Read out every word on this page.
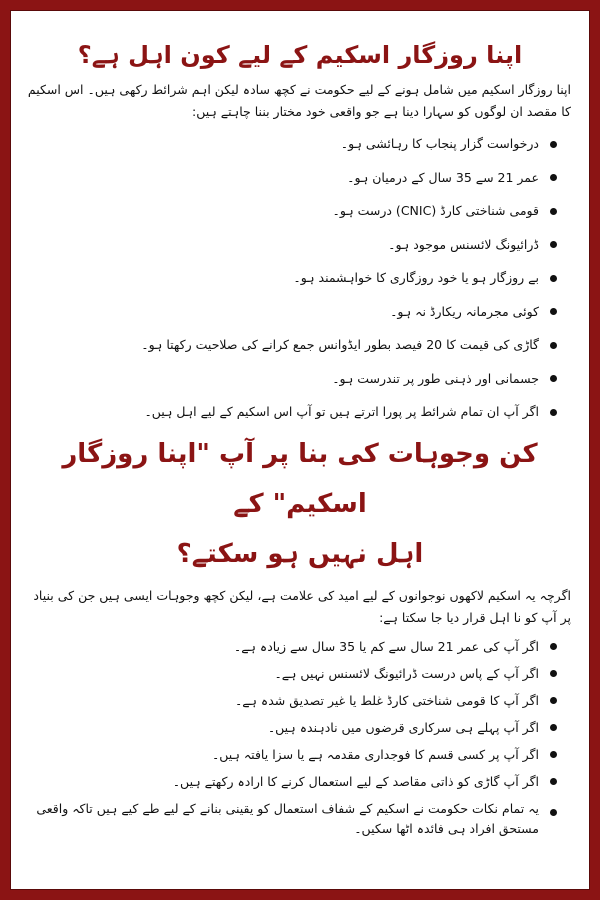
اپنا روزگار اسکیم کے لیے کون اہل ہے؟

اپنا روزگار اسکیم میں شامل ہونے کے لیے حکومت نے کچھ سادہ لیکن اہم شرائط رکھی ہیں۔ اس اسکیم کا مقصد ان لوگوں کو سہارا دینا ہے جو واقعی خود مختار بننا چاہتے ہیں:

درخواست گزار پنجاب کا رہائشی ہو۔
عمر 21 سے 35 سال کے درمیان ہو۔
قومی شناختی کارڈ (CNIC) درست ہو۔
ڈرائیونگ لائسنس موجود ہو۔
بے روزگار ہو یا خود روزگاری کا خواہشمند ہو۔
کوئی مجرمانہ ریکارڈ نہ ہو۔
گاڑی کی قیمت کا 20 فیصد بطور ایڈوانس جمع کرانے کی صلاحیت رکھتا ہو۔
جسمانی اور ذہنی طور پر تندرست ہو۔
اگر آپ ان تمام شرائط پر پورا اترتے ہیں تو آپ اس اسکیم کے لیے اہل ہیں۔
کن وجوہات کی بنا پر آپ "اپنا روزگار اسکیم" کے
اہل نہیں ہو سکتے؟

اگرچہ یہ اسکیم لاکھوں نوجوانوں کے لیے امید کی علامت ہے، لیکن کچھ وجوہات ایسی ہیں جن کی بنیاد پر آپ کو نا اہل قرار دیا جا سکتا ہے:

اگر آپ کی عمر 21 سال سے کم یا 35 سال سے زیادہ ہے۔
اگر آپ کے پاس درست ڈرائیونگ لائسنس نہیں ہے۔
اگر آپ کا قومی شناختی کارڈ غلط یا غیر تصدیق شدہ ہے۔
اگر آپ پہلے ہی سرکاری قرضوں میں نادہندہ ہیں۔
اگر آپ پر کسی قسم کا فوجداری مقدمہ ہے یا سزا یافتہ ہیں۔
اگر آپ گاڑی کو ذاتی مقاصد کے لیے استعمال کرنے کا ارادہ رکھتے ہیں۔
یہ تمام نکات حکومت نے اسکیم کے شفاف استعمال کو یقینی بنانے کے لیے طے کیے ہیں تاکہ واقعی مستحق افراد ہی فائدہ اٹھا سکیں۔
